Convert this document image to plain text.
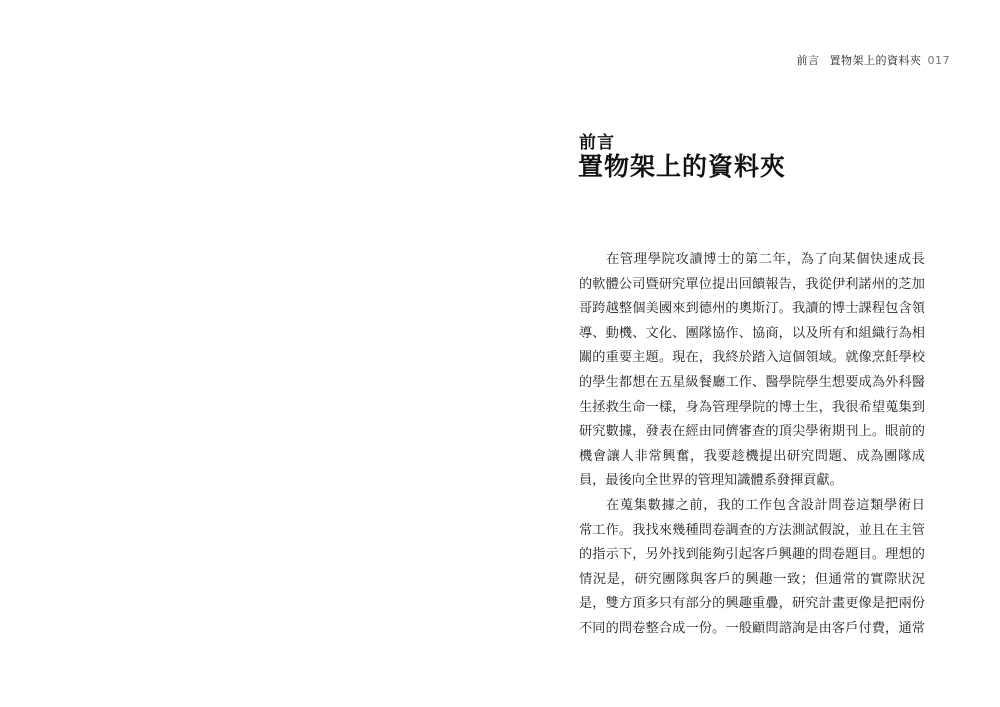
前言 置物架上的資料夾 017
前言
置物架上的資料夾
在管理學院攻讀博士的第二年，為了向某個快速成長
的軟體公司暨研究單位提出回饋報告，我從伊利諾州的芝加
哥跨越整個美國來到德州的奧斯汀。我讀的博士課程包含領
導、動機、文化、團隊協作、協商，以及所有和組織行為相
關的重要主題。現在，我終於踏入這個領域。就像烹飪學校
的學生都想在五星級餐廳工作、醫學院學生想要成為外科醫
生拯救生命一樣，身為管理學院的博士生，我很希望蒐集到
研究數據，發表在經由同儕審查的頂尖學術期刊上。眼前的
機會讓人非常興奮，我要趁機提出研究問題、成為團隊成
員，最後向全世界的管理知識體系發揮貢獻。
在蒐集數據之前，我的工作包含設計問卷這類學術日
常工作。我找來幾種問卷調查的方法測試假說，並且在主管
的指示下，另外找到能夠引起客戶興趣的問卷題目。理想的
情況是，研究團隊與客戶的興趣一致；但通常的實際狀況
是，雙方頂多只有部分的興趣重疊，研究計畫更像是把兩份
不同的問卷整合成一份。一般顧問諮詢是由客戶付費，通常
